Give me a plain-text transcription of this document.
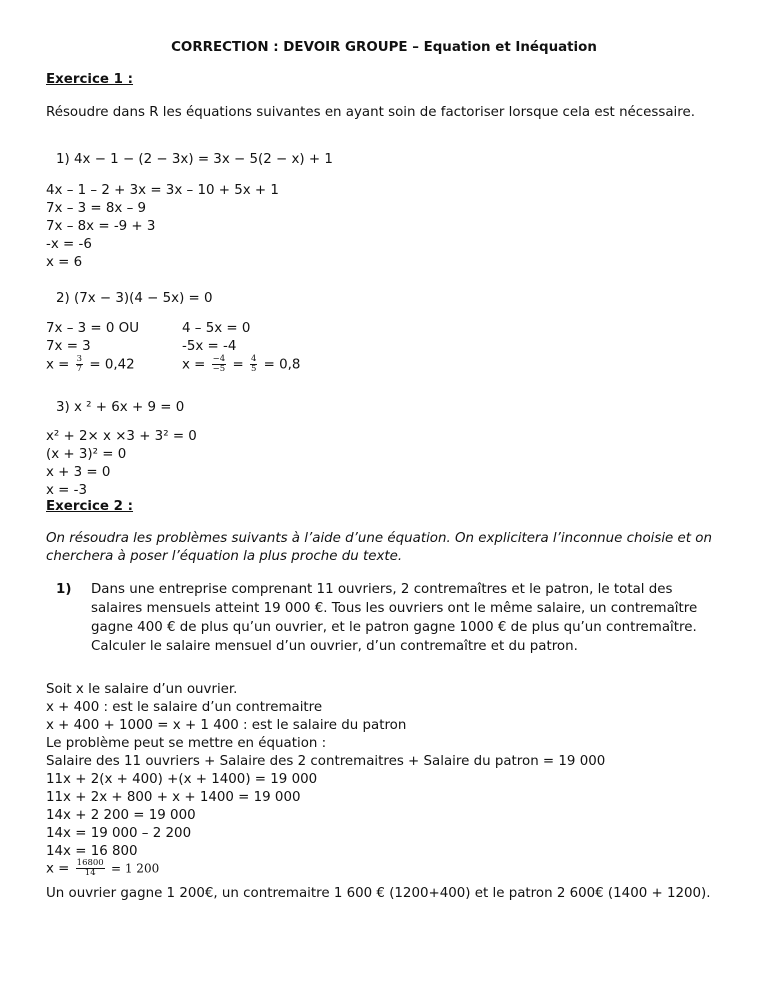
CORRECTION : DEVOIR GROUPE – Equation et Inéquation
Exercice 1 :
Résoudre dans R les équations suivantes en ayant soin de factoriser lorsque cela est nécessaire.
1) 4x − 1 − (2 − 3x) = 3x − 5(2 − x) + 1
4x – 1 – 2 + 3x = 3x – 10 + 5x + 1
7x – 3 = 8x – 9
7x – 8x = -9 + 3
-x = -6
x = 6
2) (7x − 3)(4 − 5x) = 0
7x – 3 = 0 OU
7x = 3
$x = \frac{3}{7} = 0,42$
4 – 5x = 0
-5x = -4
$x = \frac{-4}{-5} = \frac{4}{5} = 0,8$
3) x ² + 6x + 9 = 0
x² + 2× x ×3 + 3² = 0
(x + 3)² = 0
x + 3 = 0
x = -3
Exercice 2 :
On résoudra les problèmes suivants à l’aide d’une équation. On explicitera l’inconnue choisie et on cherchera à poser l’équation la plus proche du texte.
1) Dans une entreprise comprenant 11 ouvriers, 2 contremaîtres et le patron, le total des salaires mensuels atteint 19 000 €. Tous les ouvriers ont le même salaire, un contremaître gagne 400 € de plus qu’un ouvrier, et le patron gagne 1000 € de plus qu’un contremaître. Calculer le salaire mensuel d’un ouvrier, d’un contremaître et du patron.
Soit x le salaire d’un ouvrier.
x + 400 : est le salaire d’un contremaitre
x + 400 + 1000 = x + 1 400 : est le salaire du patron
Le problème peut se mettre en équation :
Salaire des 11 ouvriers + Salaire des 2 contremaitres + Salaire du patron = 19 000
11x + 2(x + 400) +(x + 1400) = 19 000
11x + 2x + 800 + x + 1400 = 19 000
14x + 2 200 = 19 000
14x = 19 000 – 2 200
14x = 16 800
$x = \frac{16800}{14} = 1$ 200
Un ouvrier gagne 1 200€, un contremaitre 1 600 € (1200+400) et le patron 2 600€ (1400 + 1200).
